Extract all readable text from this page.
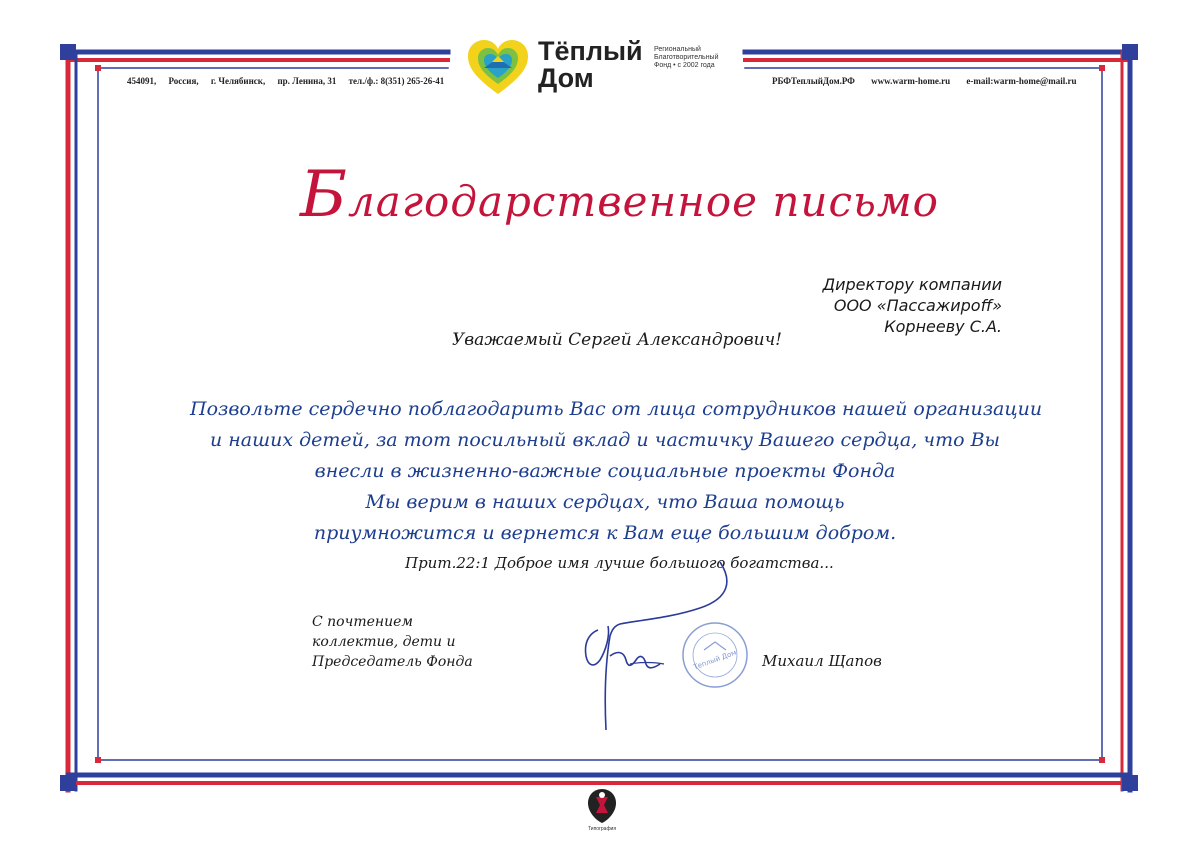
454091, Россия, г. Челябинск, пр. Ленина, 31 тел./ф.: 8(351) 265-26-41	РБФТеплыйДом.РФ www.warm-home.ru e-mail:warm-home@mail.ru
Тёплый
Дом
Региональный
Благотворительный
Фонд • с 2002 года
Благодарственное письмо
Директору компании
ООО «Пассажироff»
Корнееву С.А.
Уважаемый Сергей Александрович!
Позвольте сердечно поблагодарить Вас от лица сотрудников нашей организации
и наших детей, за тот посильный вклад и частичку Вашего сердца, что Вы
внесли в жизненно-важные социальные проекты Фонда
Мы верим в наших сердцах, что Ваша помощь
приумножится и вернется к Вам еще большим добром.
Прит.22:1 Доброе имя лучше большого богатства...
С почтением
коллектив, дети и
Председатель Фонда	Теплый Дом Михаил Щапов
Типография
